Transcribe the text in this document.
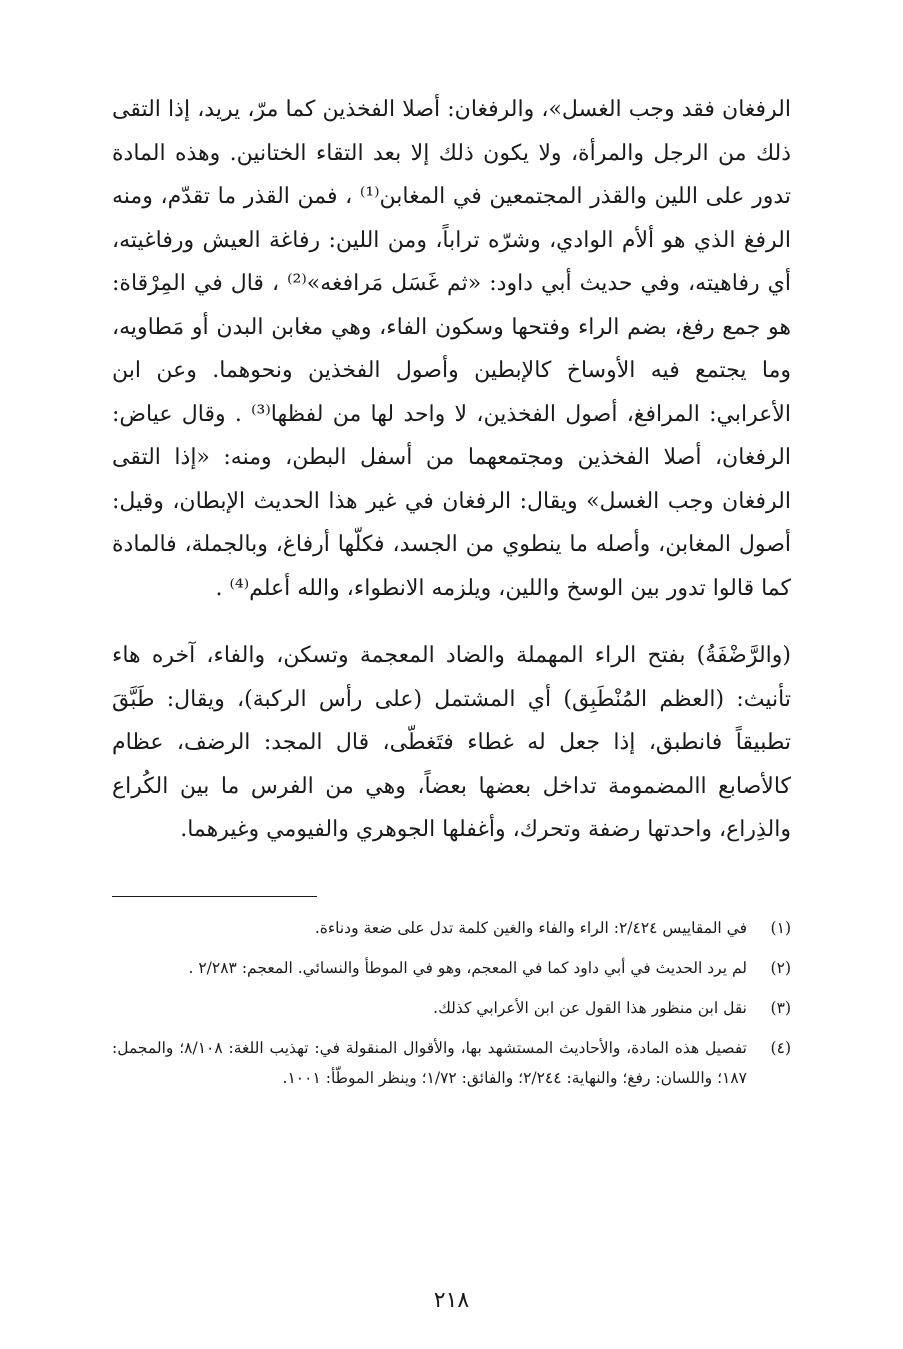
الرفغان فقد وجب الغسل»، والرفغان: أصلا الفخذين كما مرّ، يريد، إذا التقى ذلك من الرجل والمرأة، ولا يكون ذلك إلا بعد التقاء الختانين. وهذه المادة تدور على اللين والقذر المجتمعين في المغابن⁽¹⁾ ، فمن القذر ما تقدّم، ومنه الرفغ الذي هو ألأم الوادي، وشرّه تراباً، ومن اللين: رفاغة العيش ورفاغيته، أي رفاهيته، وفي حديث أبي داود: «ثم غَسَل مَرافغه»⁽²⁾ ، قال في المِرْقاة: هو جمع رفغ، بضم الراء وفتحها وسكون الفاء، وهي مغابن البدن أو مَطاويه، وما يجتمع فيه الأوساخ كالإبطين وأصول الفخذين ونحوهما. وعن ابن الأعرابي: المرافغ، أصول الفخذين، لا واحد لها من لفظها⁽³⁾ . وقال عياض: الرفغان، أصلا الفخذين ومجتمعهما من أسفل البطن، ومنه: «إذا التقى الرفغان وجب الغسل» ويقال: الرفغان في غير هذا الحديث الإبطان، وقيل: أصول المغابن، وأصله ما ينطوي من الجسد، فكلّها أرفاغ، وبالجملة، فالمادة كما قالوا تدور بين الوسخ واللين، ويلزمه الانطواء، والله أعلم⁽⁴⁾ .

(والرَّضْفَةُ) بفتح الراء المهملة والضاد المعجمة وتسكن، والفاء، آخره هاء تأنيث: (العظم المُنْطَبِق) أي المشتمل (على رأس الركبة)، ويقال: طَبَّقَ تطبيقاً فانطبق، إذا جعل له غطاء فتَغطّى، قال المجد: الرضف، عظام كالأصابع االمضمومة تداخل بعضها بعضاً، وهي من الفرس ما بين الكُراع والذِراع، واحدتها رضفة وتحرك، وأغفلها الجوهري والفيومي وغيرهما.

(١)
في المقاييس ٢/٤٢٤: الراء والفاء والغين كلمة تدل على ضعة ودناءة.
(٢)
لم يرد الحديث في أبي داود كما في المعجم، وهو في الموطأ والنسائي. المعجم: ٢/٢٨٣ .
(٣)
نقل ابن منظور هذا القول عن ابن الأعرابي كذلك.
(٤)
تفصيل هذه المادة، والأحاديث المستشهد بها، والأقوال المنقولة في: تهذيب اللغة: ٨/١٠٨؛ والمجمل: ١٨٧؛ واللسان: رفغ؛ والنهاية: ٢/٢٤٤؛ والفائق: ١/٧٢؛ وينظر الموطّأ: ١٠٠١.
٢١٨
